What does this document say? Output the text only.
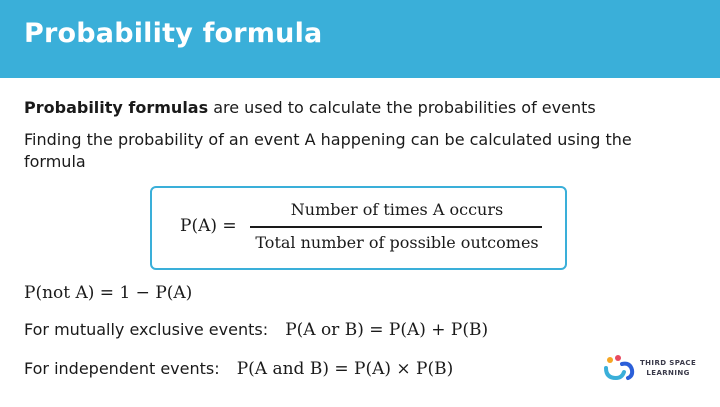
Probability formula
Probability formulas are used to calculate the probabilities of events
Finding the probability of an event A happening can be calculated using the formula
P(A) =
Number of times A occurs
Total number of possible outcomes
P(not A) = 1 − P(A)
For mutually exclusive events: P(A or B) = P(A) + P(B)
For independent events: P(A and B) = P(A) × P(B)	THIRD SPACE
LEARNING
